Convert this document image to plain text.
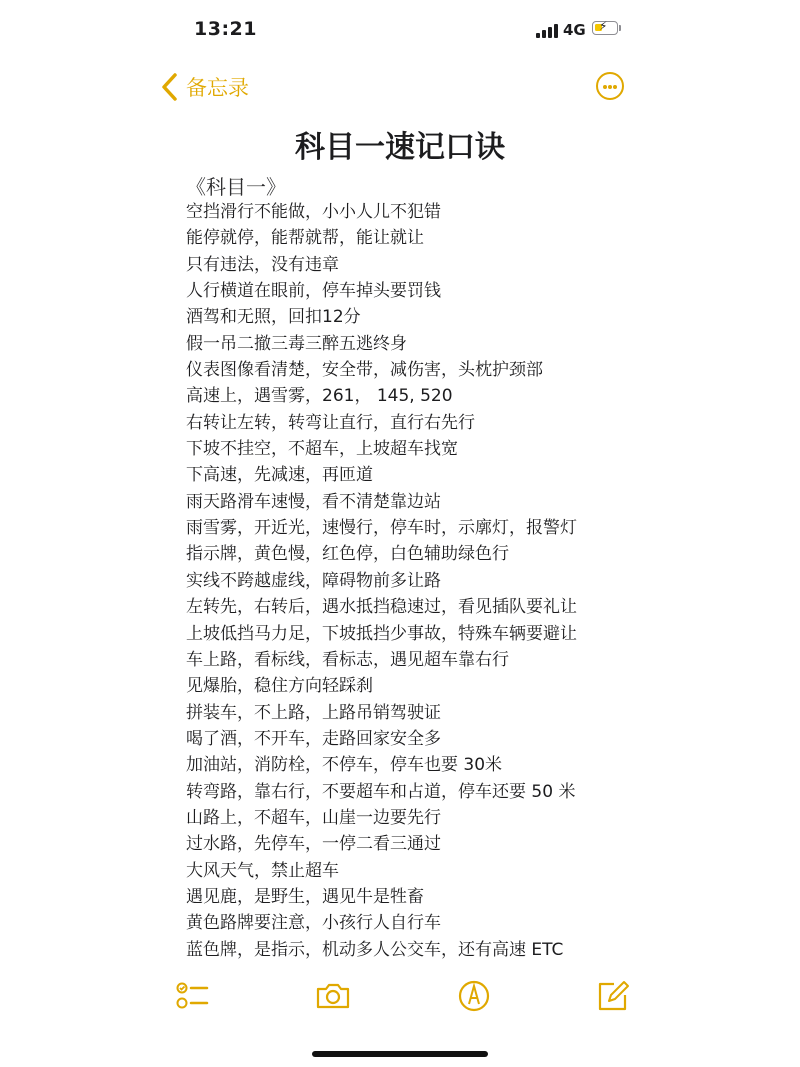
13:21	4G ⚡
备忘录
科目一速记口诀
《科目一》
空挡滑行不能做，小小人儿不犯错
能停就停，能帮就帮，能让就让
只有违法，没有违章
人行横道在眼前，停车掉头要罚钱
酒驾和无照，回扣12分
假一吊二撤三毒三醉五逃终身
仪表图像看清楚，安全带，减伤害，头枕护颈部
高速上，遇雪雾，261， 145, 520
右转让左转，转弯让直行，直行右先行
下坡不挂空，不超车，上坡超车找宽
下高速，先减速，再匝道
雨天路滑车速慢，看不清楚靠边站
雨雪雾，开近光，速慢行，停车时，示廓灯，报警灯
指示牌，黄色慢，红色停，白色辅助绿色行
实线不跨越虚线，障碍物前多让路
左转先，右转后，遇水抵挡稳速过，看见插队要礼让
上坡低挡马力足，下坡抵挡少事故，特殊车辆要避让
车上路，看标线，看标志，遇见超车靠右行
见爆胎，稳住方向轻踩刹
拼装车，不上路，上路吊销驾驶证
喝了酒，不开车，走路回家安全多
加油站，消防栓，不停车，停车也要 30米
转弯路，靠右行，不要超车和占道，停车还要 50 米
山路上，不超车，山崖一边要先行
过水路，先停车，一停二看三通过
大风天气，禁止超车
遇见鹿，是野生，遇见牛是牲畜
黄色路牌要注意，小孩行人自行车
蓝色牌，是指示，机动多人公交车，还有高速 ETC
